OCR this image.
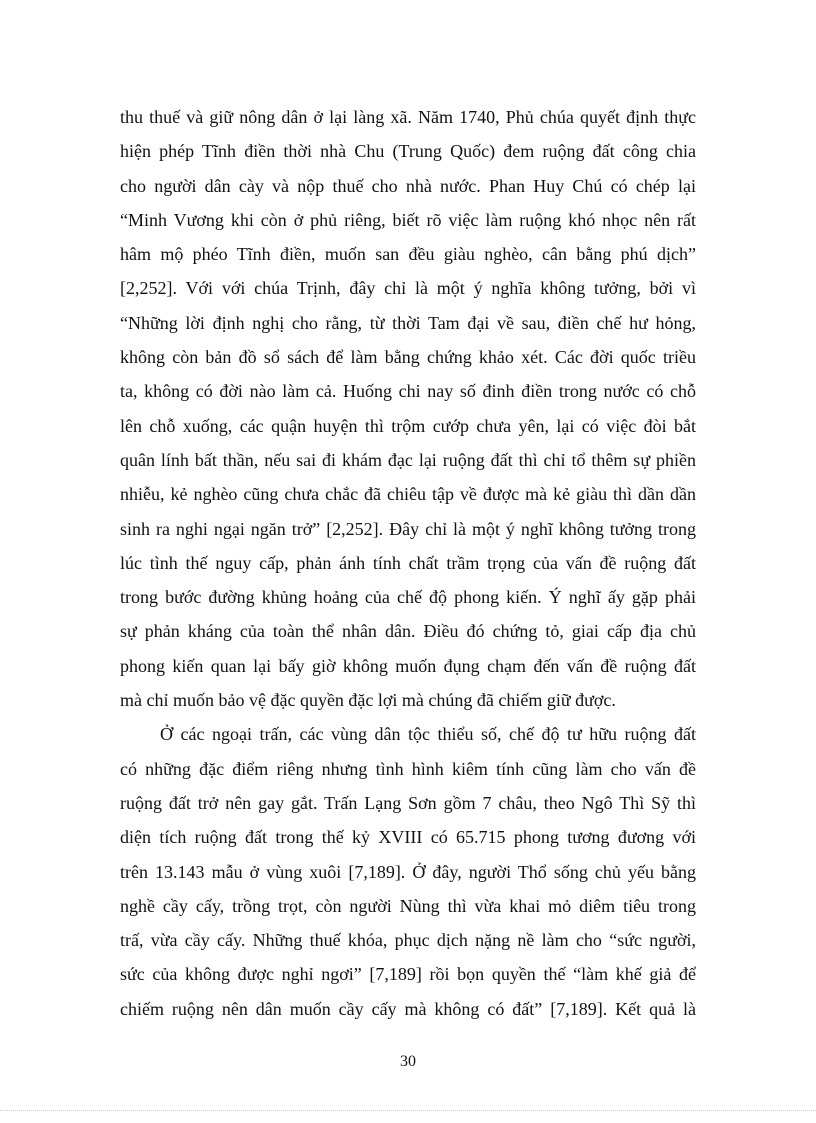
thu thuế và giữ nông dân ở lại làng xã. Năm 1740, Phủ chúa quyết định thực
hiện phép Tĩnh điền thời nhà Chu (Trung Quốc) đem ruộng đất công chia
cho người dân cày và nộp thuế cho nhà nước. Phan Huy Chú có chép lại
“Minh Vương khi còn ở phủ riêng, biết rõ việc làm ruộng khó nhọc nên rất
hâm mộ phéo Tĩnh điền, muốn san đều giàu nghèo, cân bằng phú dịch”
[2,252]. Với với chúa Trịnh, đây chỉ là một ý nghĩa không tưởng, bởi vì
“Những lời định nghị cho rằng, từ thời Tam đại về sau, điền chế hư hỏng,
không còn bản đồ sổ sách để làm bằng chứng khảo xét. Các đời quốc triều
ta, không có đời nào làm cả. Huống chi nay số đinh điền trong nước có chỗ
lên chỗ xuống, các quận huyện thì trộm cướp chưa yên, lại có việc đòi bắt
quân lính bất thần, nếu sai đi khám đạc lại ruộng đất thì chỉ tổ thêm sự phiền
nhiễu, kẻ nghèo cũng chưa chắc đã chiêu tập về được mà kẻ giàu thì dần dần
sinh ra nghi ngại ngăn trở” [2,252]. Đây chỉ là một ý nghĩ không tưởng trong
lúc tình thế nguy cấp, phản ánh tính chất trầm trọng của vấn đề ruộng đất
trong bước đường khủng hoảng của chế độ phong kiến. Ý nghĩ ấy gặp phải
sự phản kháng của toàn thể nhân dân. Điều đó chứng tỏ, giai cấp địa chủ
phong kiến quan lại bấy giờ không muốn đụng chạm đến vấn đề ruộng đất
mà chỉ muốn bảo vệ đặc quyền đặc lợi mà chúng đã chiếm giữ được.
Ở các ngoại trấn, các vùng dân tộc thiểu số, chế độ tư hữu ruộng đất
có những đặc điểm riêng nhưng tình hình kiêm tính cũng làm cho vấn đề
ruộng đất trở nên gay gắt. Trấn Lạng Sơn gồm 7 châu, theo Ngô Thì Sỹ thì
diện tích ruộng đất trong thế kỷ XVIII có 65.715 phong tương đương với
trên 13.143 mẫu ở vùng xuôi [7,189]. Ở đây, người Thổ sống chủ yếu bằng
nghề cầy cấy, trồng trọt, còn người Nùng thì vừa khai mỏ diêm tiêu trong
trấ, vừa cầy cấy. Những thuế khóa, phục dịch nặng nề làm cho “sức người,
sức của không được nghỉ ngơi” [7,189] rồi bọn quyền thế “làm khế giả để
chiếm ruộng nên dân muốn cầy cấy mà không có đất” [7,189]. Kết quả là
30
